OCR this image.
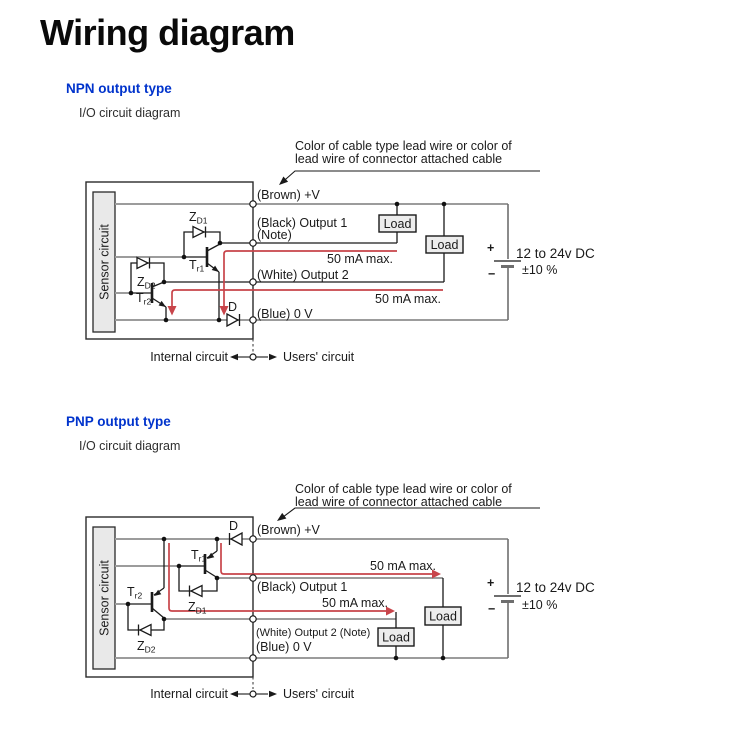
Wiring diagram
NPN output type
I/O circuit diagram
PNP output type
I/O circuit diagram
Color of cable type lead wire or color of
lead wire of connector attached cable
Sensor circuit
Load
Load +
−
12 to 24v DC
±10 %
(Brown) +V
(Black) Output 1
(Note)
50 mA max.
(White) Output 2
50 mA max.
(Blue) 0 V
$Z_{D1}$
$T_{r1}$
$Z_{D2}$
$T_{r2}$	D
Internal circuit	Users' circuit
Color of cable type lead wire or color of
lead wire of connector attached cable
Sensor circuit	Load
Load
+
−
12 to 24v DC
±10 %
(Brown) +V
50 mA max.
(Black) Output 1
50 mA max.
(White) Output 2 (Note)
(Blue) 0 V
D
$T_{r1}$
$Z_{D1}$
$T_{r2}$
$Z_{D2}$
Internal circuit	Users' circuit
